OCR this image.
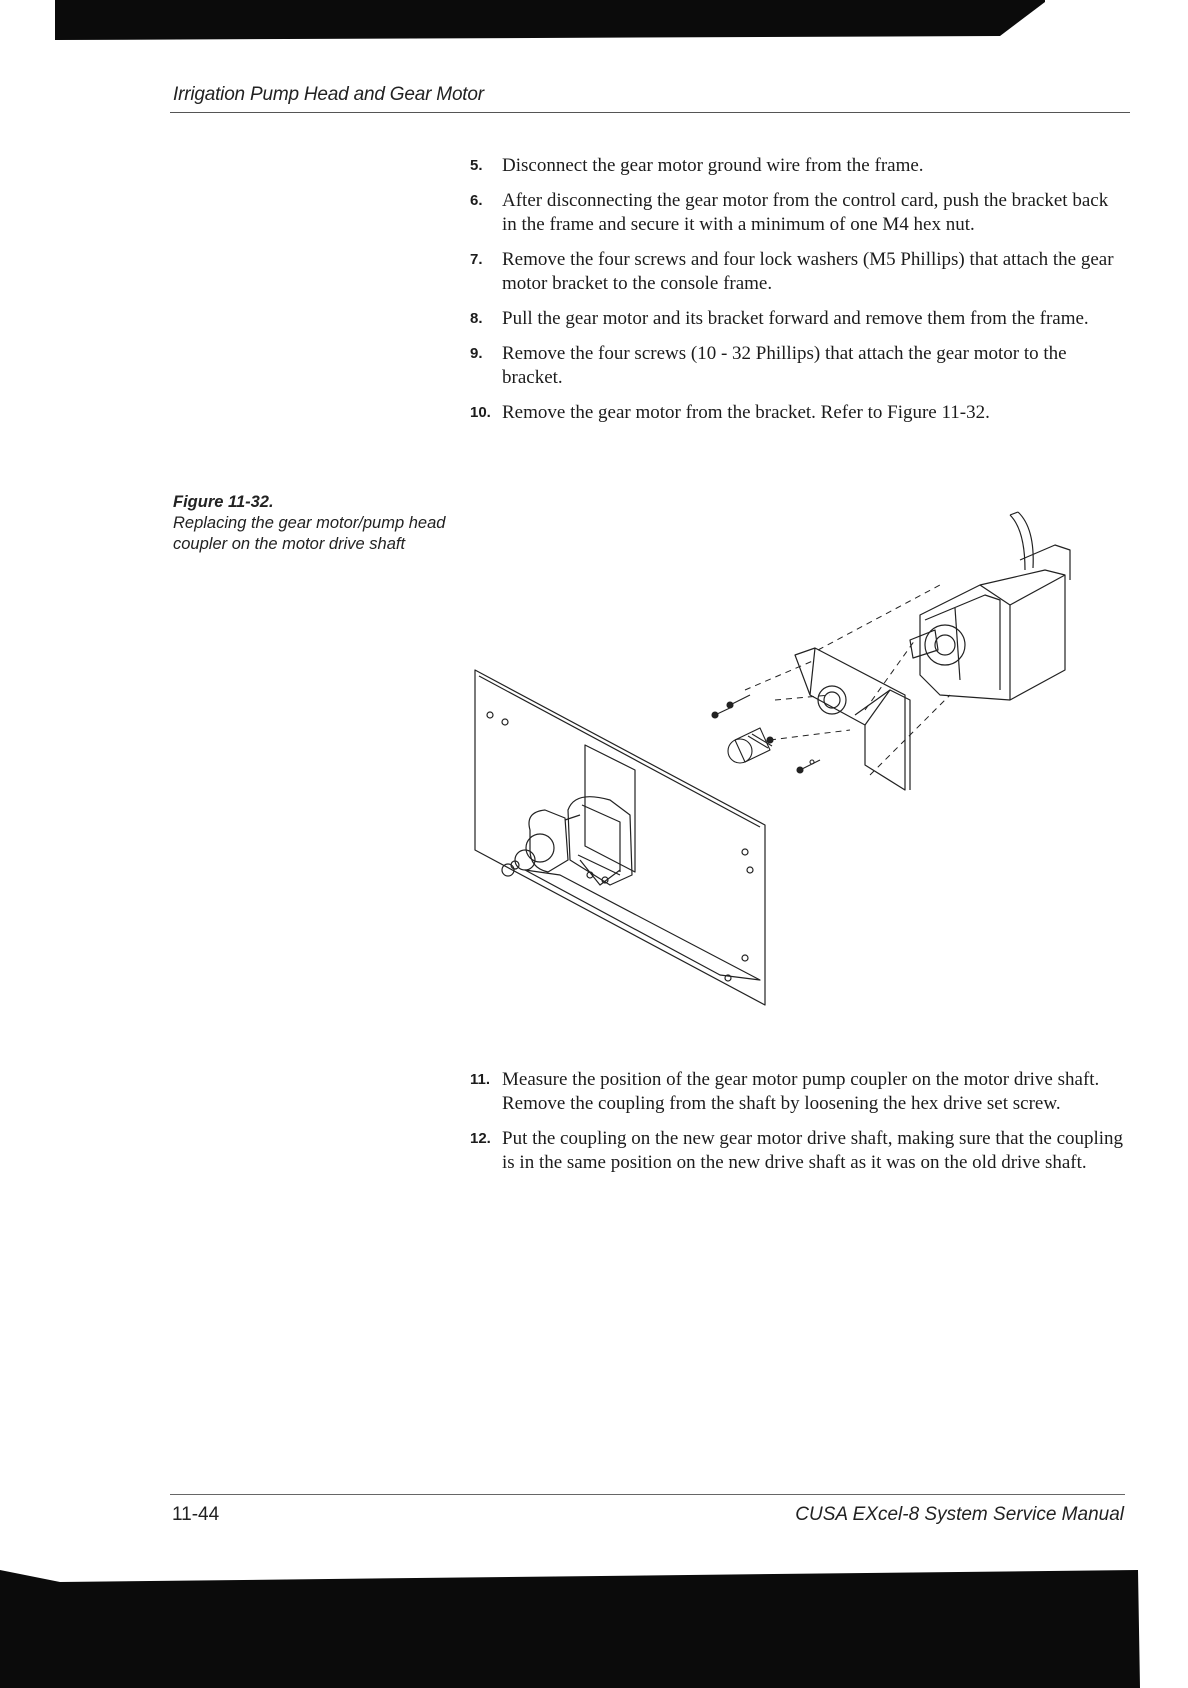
Irrigation Pump Head and Gear Motor
5.	Disconnect the gear motor ground wire from the frame.
6.	After disconnecting the gear motor from the control card, push the bracket back in the frame and secure it with a minimum of one M4 hex nut.
7.	Remove the four screws and four lock washers (M5 Phillips) that attach the gear motor bracket to the console frame.
8.	Pull the gear motor and its bracket forward and remove them from the frame.
9.	Remove the four screws (10 - 32 Phillips) that attach the gear motor to the bracket.
10. Remove the gear motor from the bracket. Refer to Figure 11-32.
Figure 11-32.
Replacing the gear motor/pump head coupler on the motor drive shaft
11. Measure the position of the gear motor pump coupler on the motor drive shaft. Remove the coupling from the shaft by loosening the hex drive set screw.
12. Put the coupling on the new gear motor drive shaft, making sure that the coupling is in the same position on the new drive shaft as it was on the old drive shaft.
11-44	CUSA EXcel-8 System Service Manual
